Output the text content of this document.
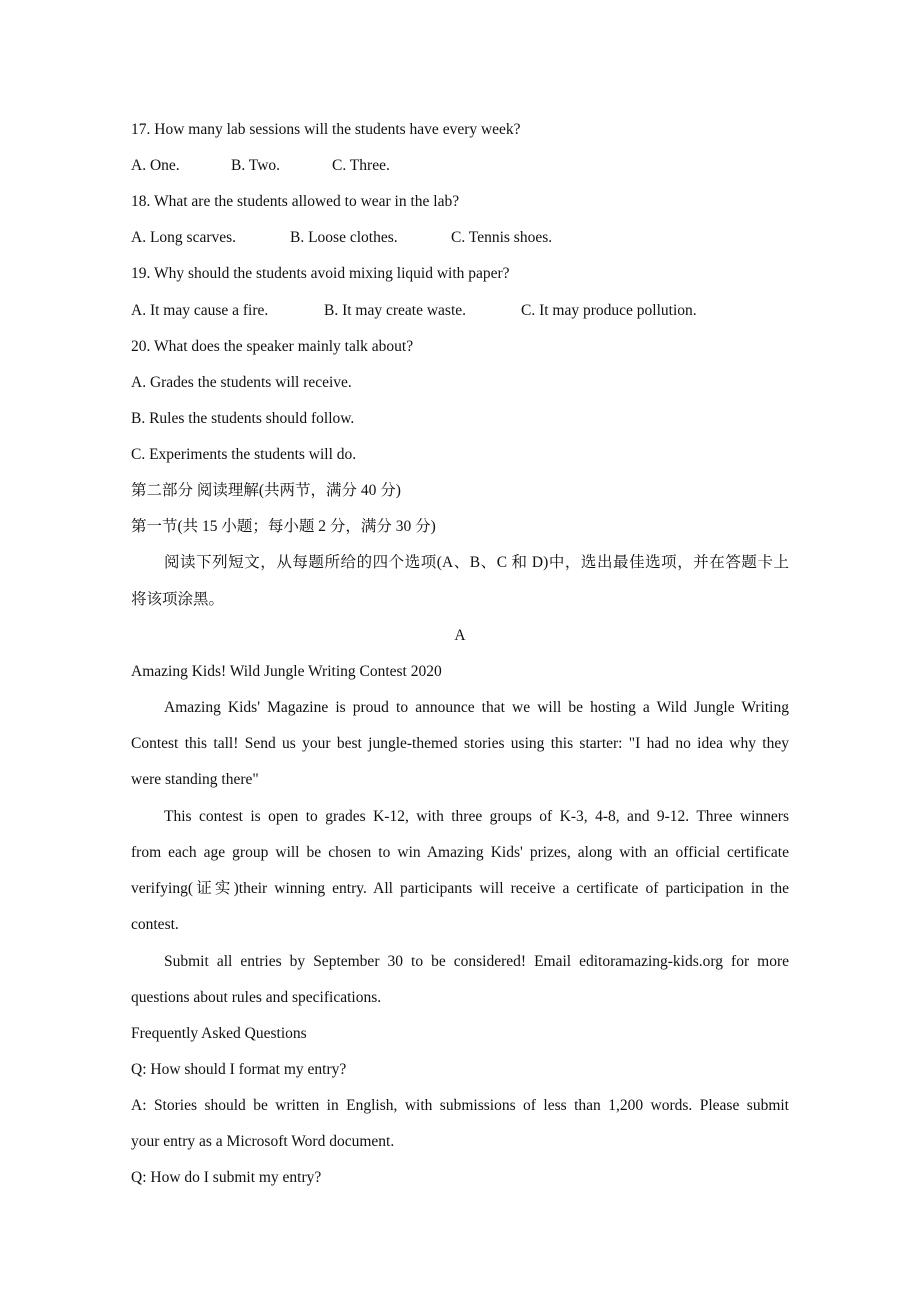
17. How many lab sessions will the students have every week?
A. One.	B. Two.	C. Three.
18. What are the students allowed to wear in the lab?
A. Long scarves.	B. Loose clothes.	C. Tennis shoes.
19. Why should the students avoid mixing liquid with paper?
A. It may cause a fire.	B. It may create waste.	C. It may produce pollution.
20. What does the speaker mainly talk about?
A. Grades the students will receive.
B. Rules the students should follow.
C. Experiments the students will do.
第二部分 阅读理解(共两节，满分 40 分)
第一节(共 15 小题；每小题 2 分，满分 30 分)
阅读下列短文，从每题所给的四个选项(A、B、C 和 D)中，选出最佳选项，并在答题卡上
将该项涂黑。
A
Amazing Kids! Wild Jungle Writing Contest 2020
Amazing Kids' Magazine is proud to announce that we will be hosting a Wild Jungle Writing
Contest this tall! Send us your best jungle-themed stories using this starter: "I had no idea why they
were standing there"
This contest is open to grades K-12, with three groups of K-3, 4-8, and 9-12. Three winners
from each age group will be chosen to win Amazing Kids' prizes, along with an official certificate
verifying(证实)their winning entry. All participants will receive a certificate of participation in the
contest.
Submit all entries by September 30 to be considered! Email editoramazing-kids.org for more
questions about rules and specifications.
Frequently Asked Questions
Q: How should I format my entry?
A: Stories should be written in English, with submissions of less than 1,200 words. Please submit
your entry as a Microsoft Word document.
Q: How do I submit my entry?
